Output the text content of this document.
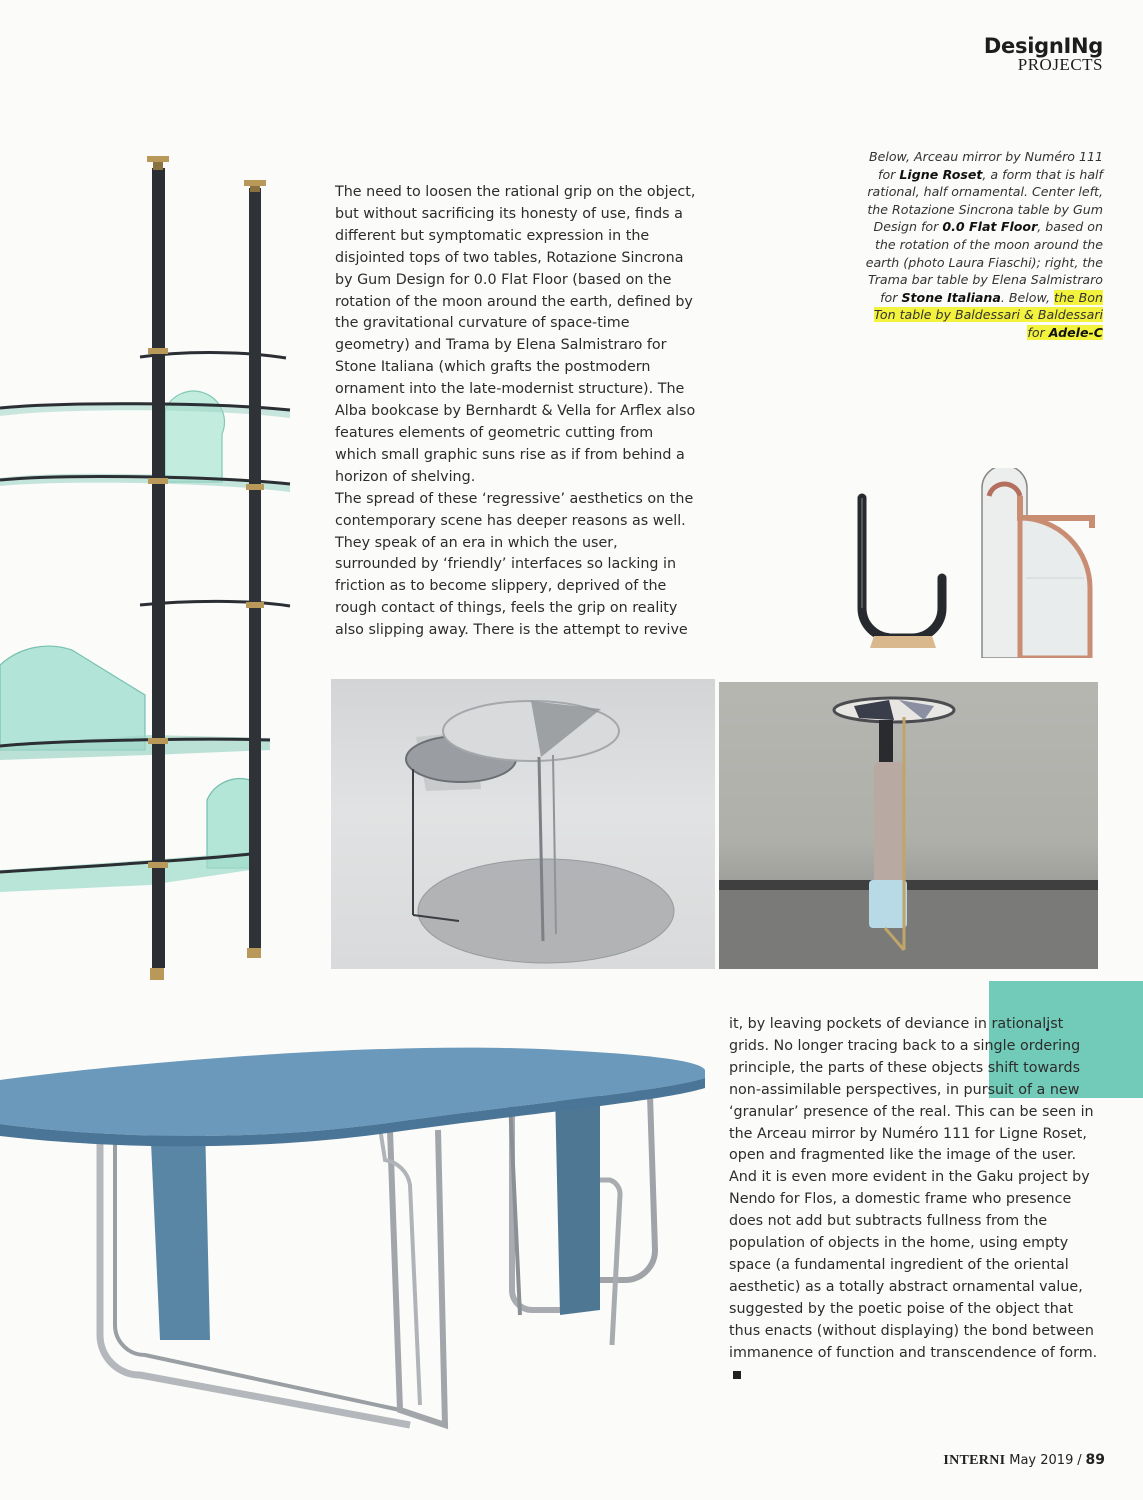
DesignINg
PROJECTS

The need to loosen the rational grip on the object, but without sacrificing its honesty of use, finds a different but symptomatic expression in the disjointed tops of two tables, Rotazione Sincrona by Gum Design for 0.0 Flat Floor (based on the rotation of the moon around the earth, defined by the gravitational curvature of space-time geometry) and Trama by Elena Salmistraro for Stone Italiana (which grafts the postmodern ornament into the late-modernist structure). The Alba bookcase by Bernhardt & Vella for Arflex also features elements of geometric cutting from which small graphic suns rise as if from behind a horizon of shelving.

The spread of these ‘regressive’ aesthetics on the contemporary scene has deeper reasons as well. They speak of an era in which the user, surrounded by ‘friendly’ interfaces so lacking in friction as to become slippery, deprived of the rough contact of things, feels the grip on reality also slipping away. There is the attempt to revive

Below, Arceau mirror by Numéro 111 for Ligne Roset, a form that is half rational, half ornamental. Center left, the Rotazione Sincrona table by Gum Design for 0.0 Flat Floor, based on the rotation of the moon around the earth (photo Laura Fiaschi); right, the Trama bar table by Elena Salmistraro for Stone Italiana. Below, the Bon Ton table by Baldessari & Baldessari for Adele-C

it, by leaving pockets of deviance in rationalist grids. No longer tracing back to a single ordering principle, the parts of these objects shift towards non-assimilable perspectives, in pursuit of a new ‘granular’ presence of the real. This can be seen in the Arceau mirror by Numéro 111 for Ligne Roset, open and fragmented like the image of the user. And it is even more evident in the Gaku project by Nendo for Flos, a domestic frame who presence does not add but subtracts fullness from the population of objects in the home, using empty space (a fundamental ingredient of the oriental aesthetic) as a totally abstract ornamental value, suggested by the poetic poise of the object that thus enacts (without displaying) the bond between immanence of function and transcendence of form.

INTERNI May 2019 / 89
